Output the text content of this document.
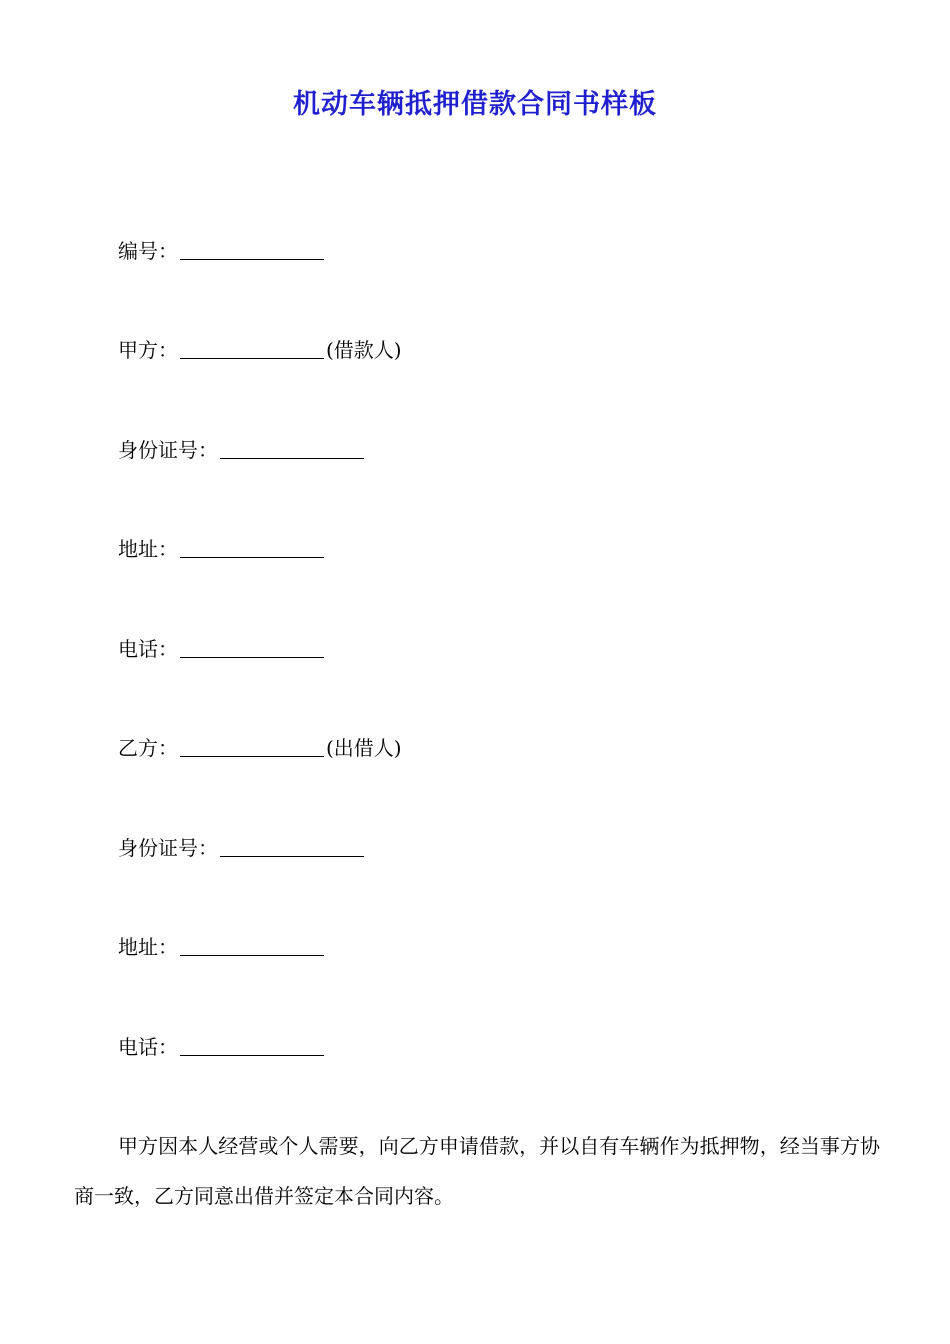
机动车辆抵押借款合同书样板
编号：
甲方：	(借款人)
身份证号：
地址：
电话：
乙方：	(出借人)
身份证号：
地址：
电话：
甲方因本人经营或个人需要，向乙方申请借款，并以自有车辆作为抵押物，经当事方协商一致，乙方同意出借并签定本合同内容。
